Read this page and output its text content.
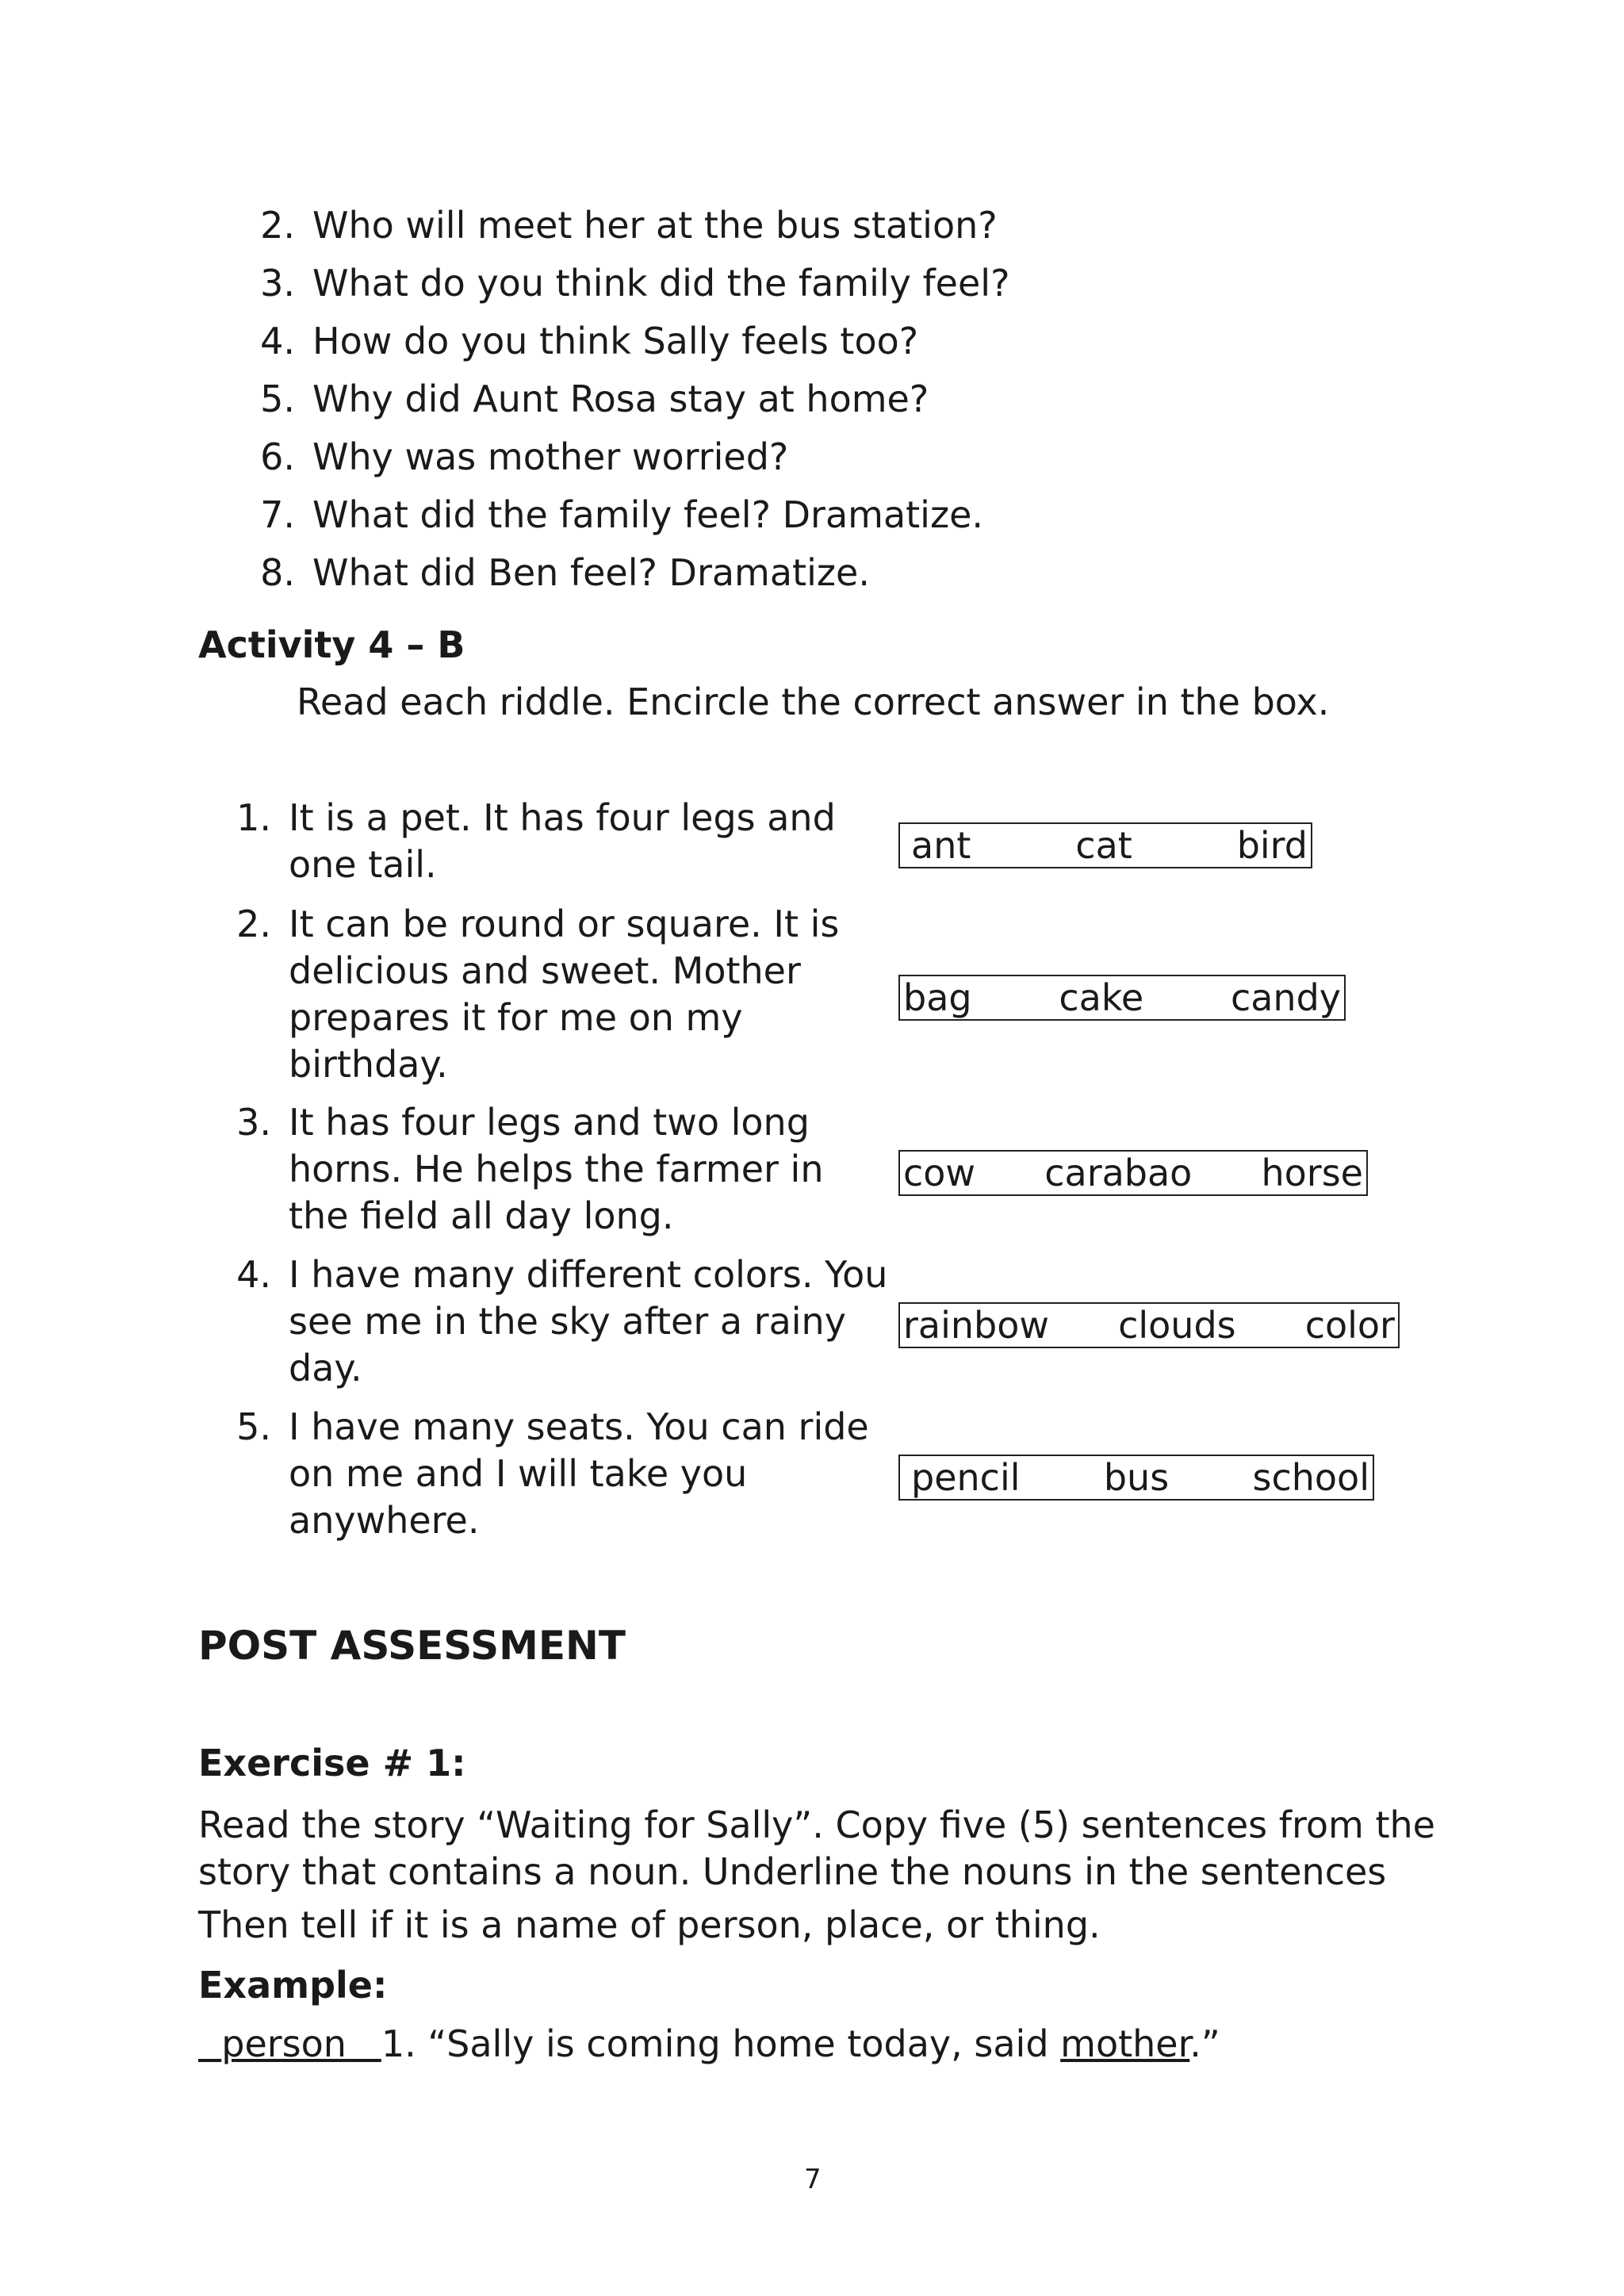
2. Who will meet her at the bus station?
3. What do you think did the family feel?
4. How do you think Sally feels too?
5. Why did Aunt Rosa stay at home?
6. Why was mother worried?
7. What did the family feel? Dramatize.
8. What did Ben feel? Dramatize.
Activity 4 – B
Read each riddle. Encircle the correct answer in the box.
1. It is a pet. It has four legs and one tail.
2. It can be round or square. It is delicious and sweet. Mother prepares it for me on my birthday.
3. It has four legs and two long horns. He helps the farmer in the field all day long.
4. I have many different colors. You see me in the sky after a rainy day.
5. I have many seats. You can ride on me and I will take you anywhere.
ant	cat	bird
bag cake candy
cow carabao horse
rainbow clouds color
pencil bus school
POST ASSESSMENT
Exercise # 1:
Read the story “Waiting for Sally”. Copy five (5) sentences from the story that contains a noun. Underline the nouns in the sentences
Then tell if it is a name of person, place, or thing.
Example:
person 1. “Sally is coming home today, said mother.”
7
